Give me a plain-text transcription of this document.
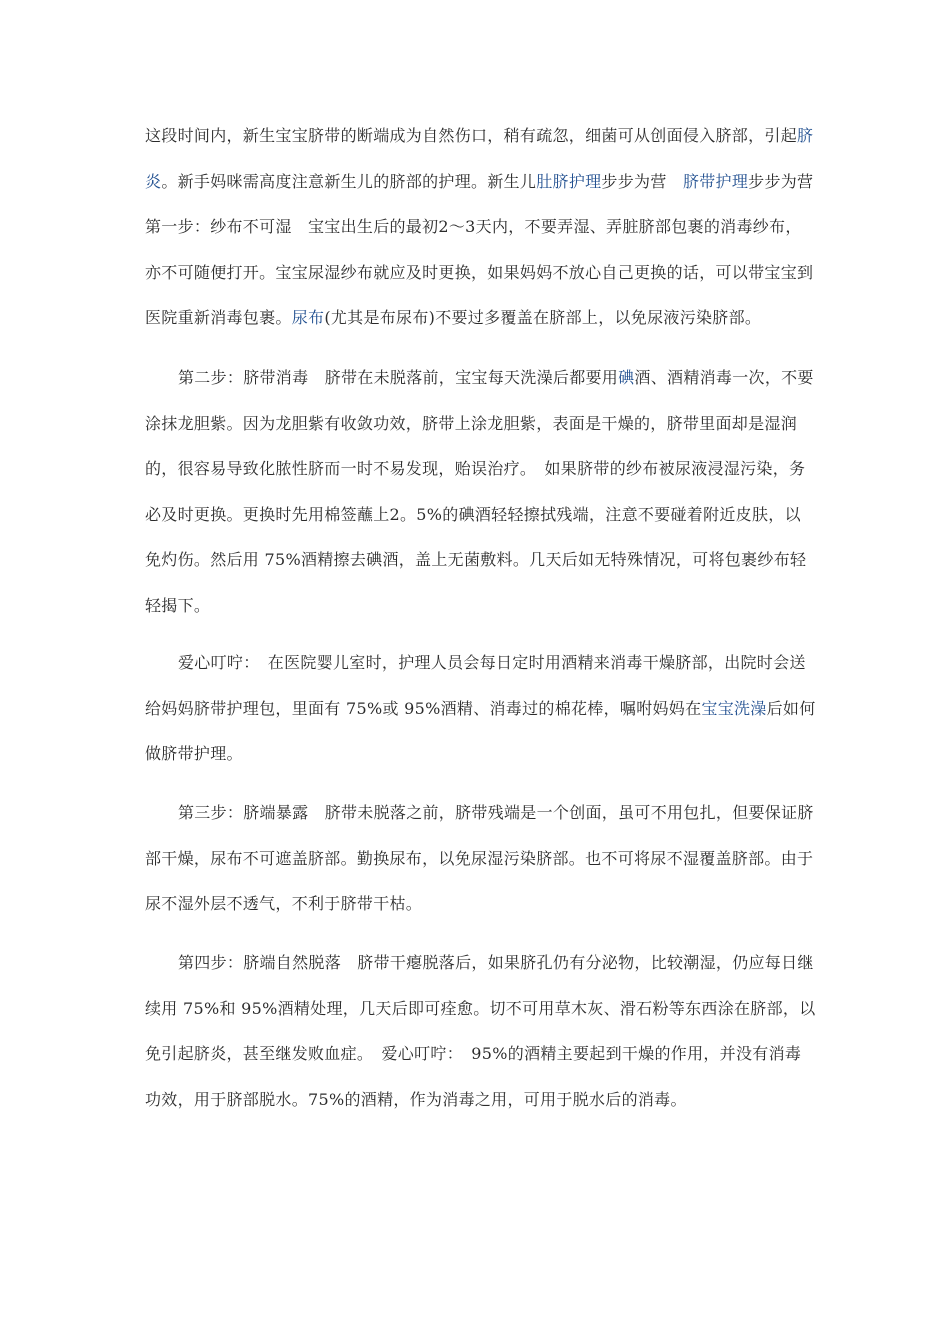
这段时间内，新生宝宝脐带的断端成为自然伤口，稍有疏忽，细菌可从创面侵入脐部，引起脐炎。新手妈咪需高度注意新生儿的脐部的护理。新生儿肚脐护理步步为营　脐带护理步步为营　第一步：纱布不可湿　宝宝出生后的最初2～3天内，不要弄湿、弄脏脐部包裹的消毒纱布，亦不可随便打开。宝宝尿湿纱布就应及时更换，如果妈妈不放心自己更换的话，可以带宝宝到医院重新消毒包裹。尿布(尤其是布尿布)不要过多覆盖在脐部上，以免尿液污染脐部。

第二步：脐带消毒　脐带在未脱落前，宝宝每天洗澡后都要用碘酒、酒精消毒一次，不要涂抹龙胆紫。因为龙胆紫有收敛功效，脐带上涂龙胆紫，表面是干燥的，脐带里面却是湿润的，很容易导致化脓性脐而一时不易发现，贻误治疗。　如果脐带的纱布被尿液浸湿污染，务必及时更换。更换时先用棉签蘸上2。5%的碘酒轻轻擦拭残端，注意不要碰着附近皮肤，以免灼伤。然后用 75%酒精擦去碘酒，盖上无菌敷料。几天后如无特殊情况，可将包裹纱布轻轻揭下。

爱心叮咛：　在医院婴儿室时，护理人员会每日定时用酒精来消毒干燥脐部，出院时会送给妈妈脐带护理包，里面有 75%或 95%酒精、消毒过的棉花棒，嘱咐妈妈在宝宝洗澡后如何做脐带护理。

第三步：脐端暴露　脐带未脱落之前，脐带残端是一个创面，虽可不用包扎，但要保证脐部干燥，尿布不可遮盖脐部。勤换尿布，以免尿湿污染脐部。也不可将尿不湿覆盖脐部。由于尿不湿外层不透气，不利于脐带干枯。

第四步：脐端自然脱落　脐带干瘪脱落后，如果脐孔仍有分泌物，比较潮湿，仍应每日继续用 75%和 95%酒精处理，几天后即可痊愈。切不可用草木灰、滑石粉等东西涂在脐部，以免引起脐炎，甚至继发败血症。　爱心叮咛：　95%的酒精主要起到干燥的作用，并没有消毒功效，用于脐部脱水。75%的酒精，作为消毒之用，可用于脱水后的消毒。
